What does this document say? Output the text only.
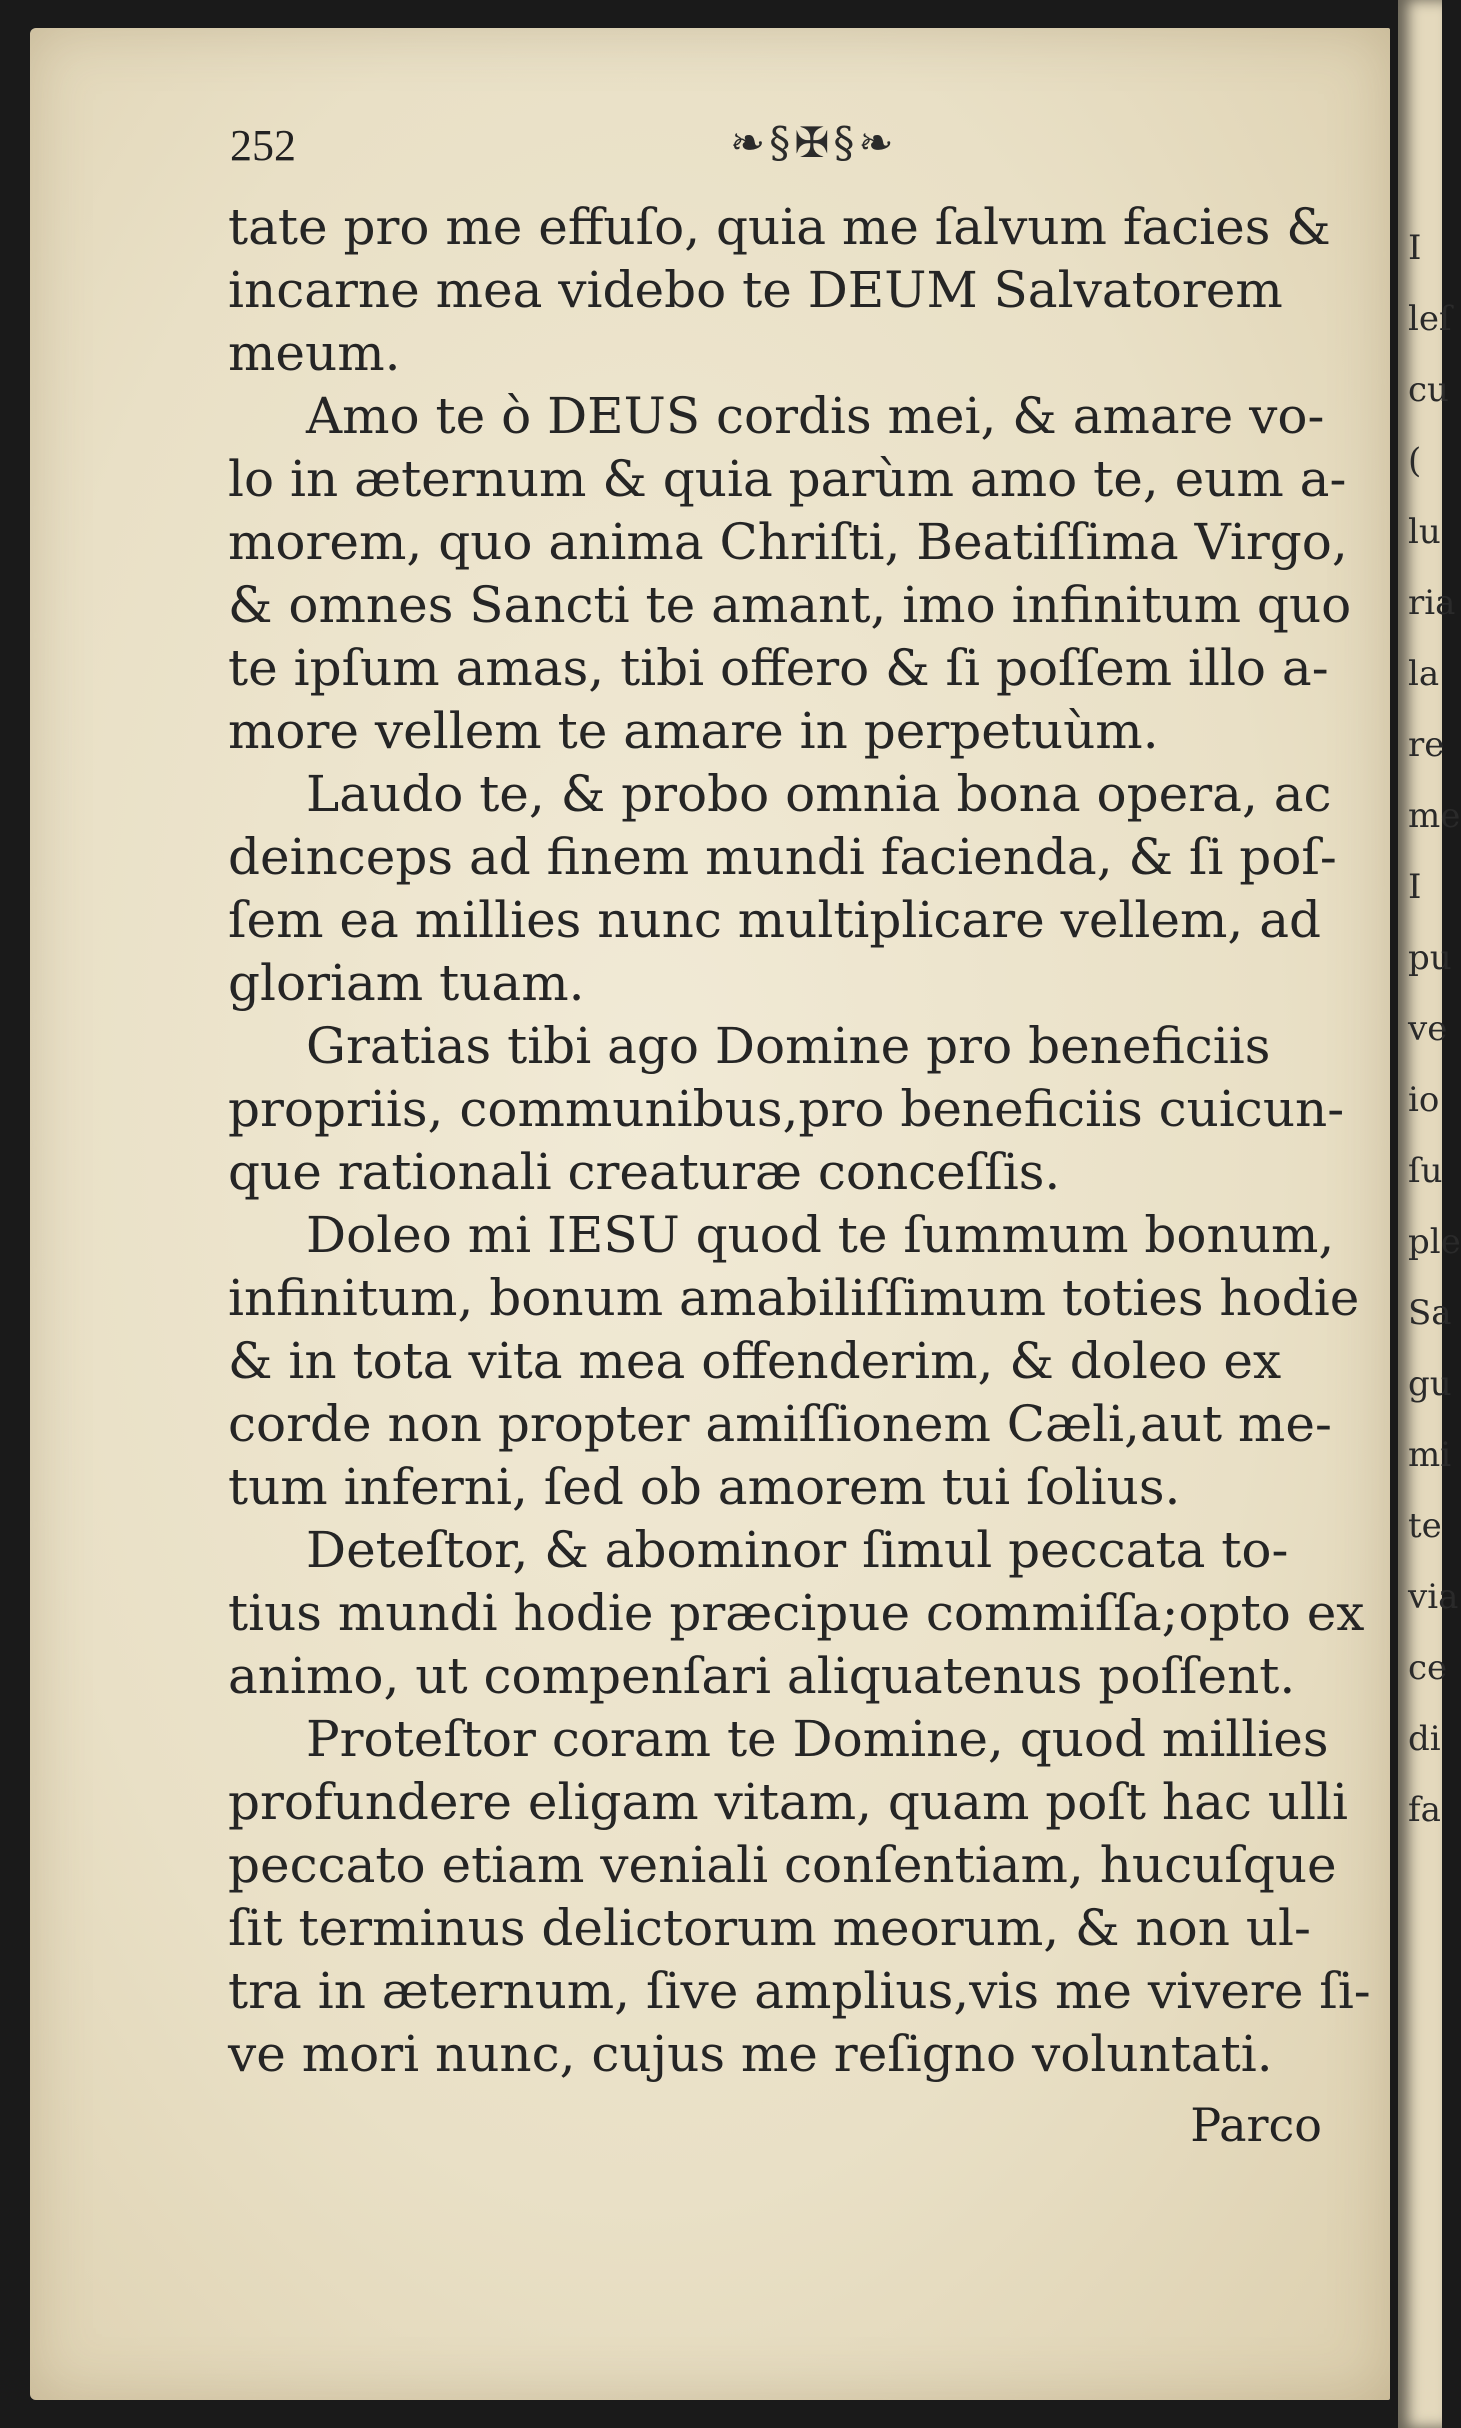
I
leſ
cu
(
lu
ria
la
re
me
I
pu
ve
io
ſu
ple
Sa
gu
mi
te
via
ce
di
fa
252	❧§✠§❧
tate pro me effuſo, quia me ſalvum facies &
incarne mea videbo te DEUM Salvatorem
meum.
Amo te ò DEUS cordis mei, & amare vo-
lo in æternum & quia parùm amo te, eum a-
morem, quo anima Chriſti, Beatiſſima Virgo,
& omnes Sancti te amant, imo infinitum quo
te ipſum amas, tibi offero & ſi poſſem illo a-
more vellem te amare in perpetuùm.
Laudo te, & probo omnia bona opera, ac
deinceps ad finem mundi facienda, & ſi poſ-
ſem ea millies nunc multiplicare vellem, ad
gloriam tuam.
Gratias tibi ago Domine pro beneficiis
propriis, communibus,pro beneficiis cuicun-
que rationali creaturæ conceſſis.
Doleo mi IESU quod te ſummum bonum,
infinitum, bonum amabiliſſimum toties hodie
& in tota vita mea offenderim, & doleo ex
corde non propter amiſſionem Cæli,aut me-
tum inferni, ſed ob amorem tui ſolius.
Deteſtor, & abominor ſimul peccata to-
tius mundi hodie præcipue commiſſa;opto ex
animo, ut compenſari aliquatenus poſſent.
Proteſtor coram te Domine, quod millies
profundere eligam vitam, quam poſt hac ulli
peccato etiam veniali conſentiam, hucuſque
ſit terminus delictorum meorum, & non ul-
tra in æternum, ſive amplius,vis me vivere ſi-
ve mori nunc, cujus me reſigno voluntati.
Parco
